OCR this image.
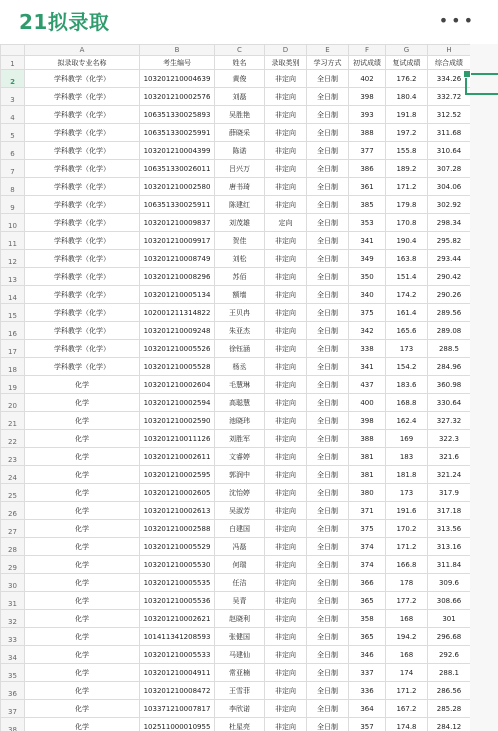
21拟录取	•••
	A	B	C	D	E	F	G	H
1	拟录取专业名称	考生编号	姓名	录取类别	学习方式	初试成绩	复试成绩	综合成绩
2	学科教学（化学）	103201210004639	黄俊	非定向	全日制	402	176.2	334.26
3	学科教学（化学）	103201210002576	刘磊	非定向	全日制	398	180.4	332.72
4	学科教学（化学）	106351330025893	吴胜艳	非定向	全日制	393	191.8	312.52
5	学科教学（化学）	106351330025991	薛晓采	非定向	全日制	388	197.2	311.68
6	学科教学（化学）	103201210004399	陈诺	非定向	全日制	377	155.8	310.64
7	学科教学（化学）	106351330026011	吕兴万	非定向	全日制	386	189.2	307.28
8	学科教学（化学）	103201210002580	唐书琦	非定向	全日制	361	171.2	304.06
9	学科教学（化学）	106351330025911	陈建红	非定向	全日制	385	179.8	302.92
10	学科教学（化学）	103201210009837	刘茂雄	定向	全日制	353	170.8	298.34
11	学科教学（化学）	103201210009917	贺佳	非定向	全日制	341	190.4	295.82
12	学科教学（化学）	103201210008749	刘松	非定向	全日制	349	163.8	293.44
13	学科教学（化学）	103201210008296	苏佰	非定向	全日制	350	151.4	290.42
14	学科教学（化学）	103201210005134	额墙	非定向	全日制	340	174.2	290.26
15	学科教学（化学）	102001211314822	王贝冉	非定向	全日制	375	161.4	289.56
16	学科教学（化学）	103201210009248	朱亚杰	非定向	全日制	342	165.6	289.08
17	学科教学（化学）	103201210005526	徐钰涵	非定向	全日制	338	173	288.5
18	学科教学（化学）	103201210005528	杨丞	非定向	全日制	341	154.2	284.96
19	化学	103201210002604	毛慧琳	非定向	全日制	437	183.6	360.98
20	化学	103201210002594	高聪慧	非定向	全日制	400	168.8	330.64
21	化学	103201210002590	池晓玮	非定向	全日制	398	162.4	327.32
22	化学	103201210011126	刘胜军	非定向	全日制	388	169	322.3
23	化学	103201210002611	文睿婷	非定向	全日制	381	183	321.6
24	化学	103201210002595	郭润中	非定向	全日制	381	181.8	321.24
25	化学	103201210002605	沈怡婷	非定向	全日制	380	173	317.9
26	化学	103201210002613	吴淑芳	非定向	全日制	371	191.6	317.18
27	化学	103201210002588	白建国	非定向	全日制	375	170.2	313.56
28	化学	103201210005529	冯磊	非定向	全日制	374	171.2	313.16
29	化学	103201210005530	何瑞	非定向	全日制	374	166.8	311.84
30	化学	103201210005535	任洁	非定向	全日制	366	178	309.6
31	化学	103201210005536	吴青	非定向	全日制	365	177.2	308.66
32	化学	103201210002621	赵晓利	非定向	全日制	358	168	301
33	化学	101411341208593	张健国	非定向	全日制	365	194.2	296.68
34	化学	103201210005533	马建仙	非定向	全日制	346	168	292.6
35	化学	103201210004911	常亚楠	非定向	全日制	337	174	288.1
36	化学	103201210008472	王雪菲	非定向	全日制	336	171.2	286.56
37	化学	103371210007817	李欣诺	非定向	全日制	364	167.2	285.28
38	化学	102511000010955	杜星亮	非定向	全日制	357	174.8	284.12
